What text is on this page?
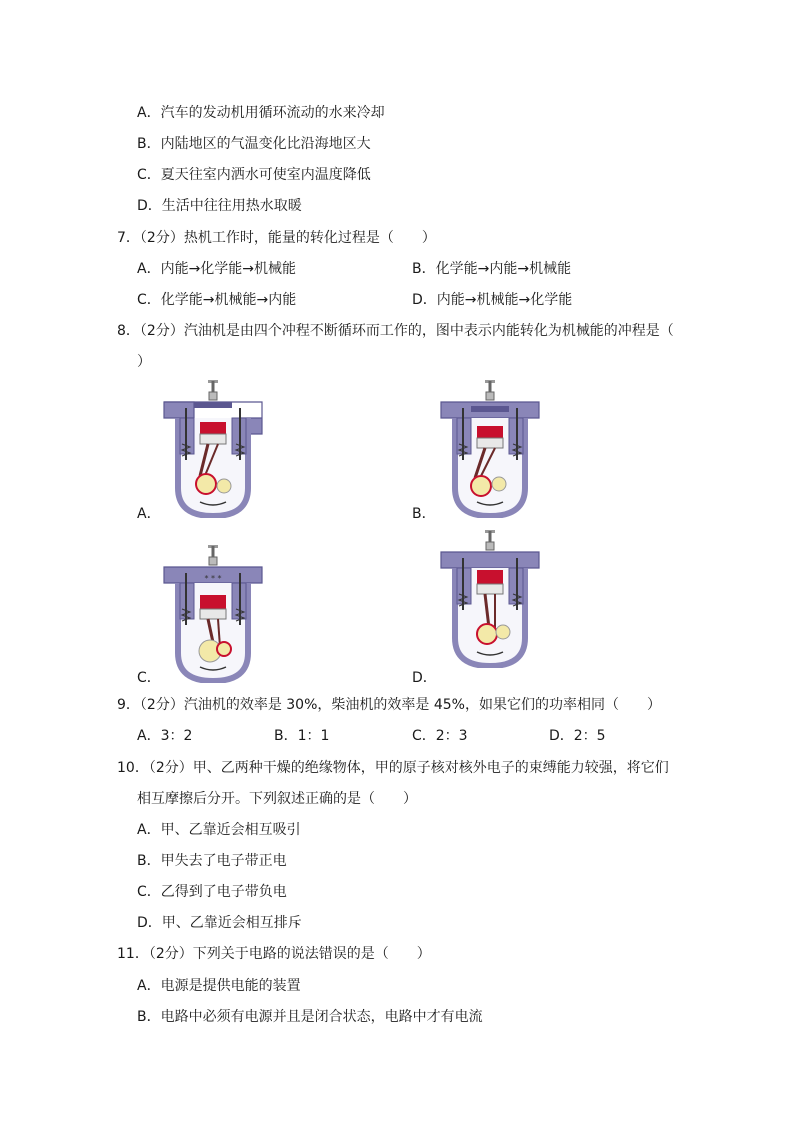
A．汽车的发动机用循环流动的水来冷却
B．内陆地区的气温变化比沿海地区大
C．夏天往室内洒水可使室内温度降低
D．生活中往往用热水取暖
7．（2分）热机工作时，能量的转化过程是（　　）
A．内能→化学能→机械能	B．化学能→内能→机械能
C．化学能→机械能→内能	D．内能→机械能→化学能
8．（2分）汽油机是由四个冲程不断循环而工作的，图中表示内能转化为机械能的冲程是（
）
A．	B．
C．
* * *
D．
9．（2分）汽油机的效率是 30%，柴油机的效率是 45%，如果它们的功率相同（　　）
A．3：2	B．1：1	C．2：3	D．2：5
10．（2分）甲、乙两种干燥的绝缘物体，甲的原子核对核外电子的束缚能力较强，将它们
相互摩擦后分开。下列叙述正确的是（　　）
A．甲、乙靠近会相互吸引
B．甲失去了电子带正电
C．乙得到了电子带负电
D．甲、乙靠近会相互排斥
11．（2分）下列关于电路的说法错误的是（　　）
A．电源是提供电能的装置
B．电路中必须有电源并且是闭合状态，电路中才有电流
